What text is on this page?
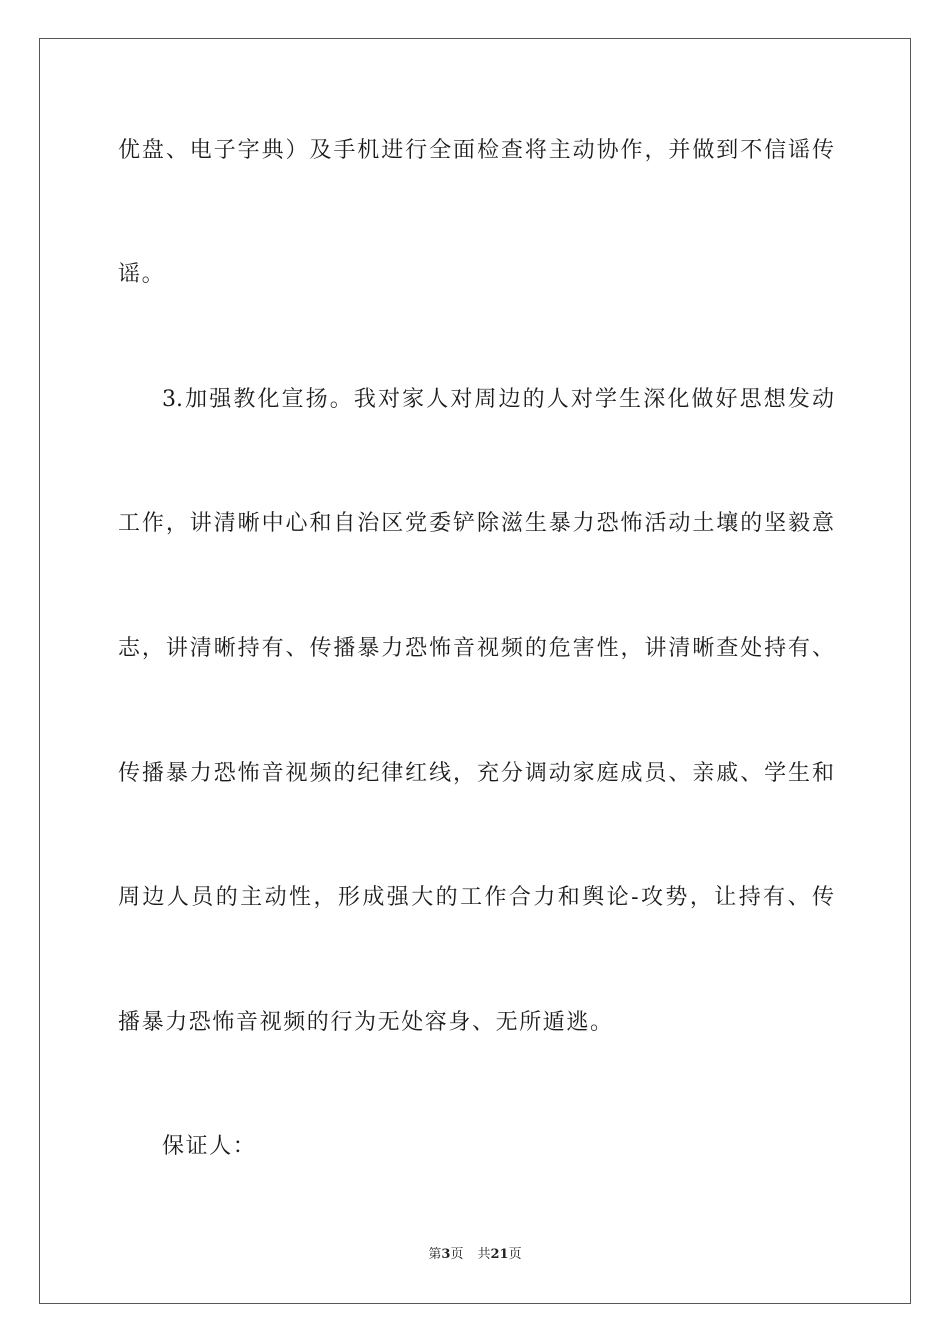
优盘、电子字典）及手机进行全面检查将主动协作，并做到不信谣传
谣。
3.加强教化宣扬。我对家人对周边的人对学生深化做好思想发动
工作，讲清晰中心和自治区党委铲除滋生暴力恐怖活动土壤的坚毅意
志，讲清晰持有、传播暴力恐怖音视频的危害性，讲清晰查处持有、
传播暴力恐怖音视频的纪律红线，充分调动家庭成员、亲戚、学生和
周边人员的主动性，形成强大的工作合力和舆论-攻势，让持有、传
播暴力恐怖音视频的行为无处容身、无所遁逃。
保证人：
第3页 共21页
